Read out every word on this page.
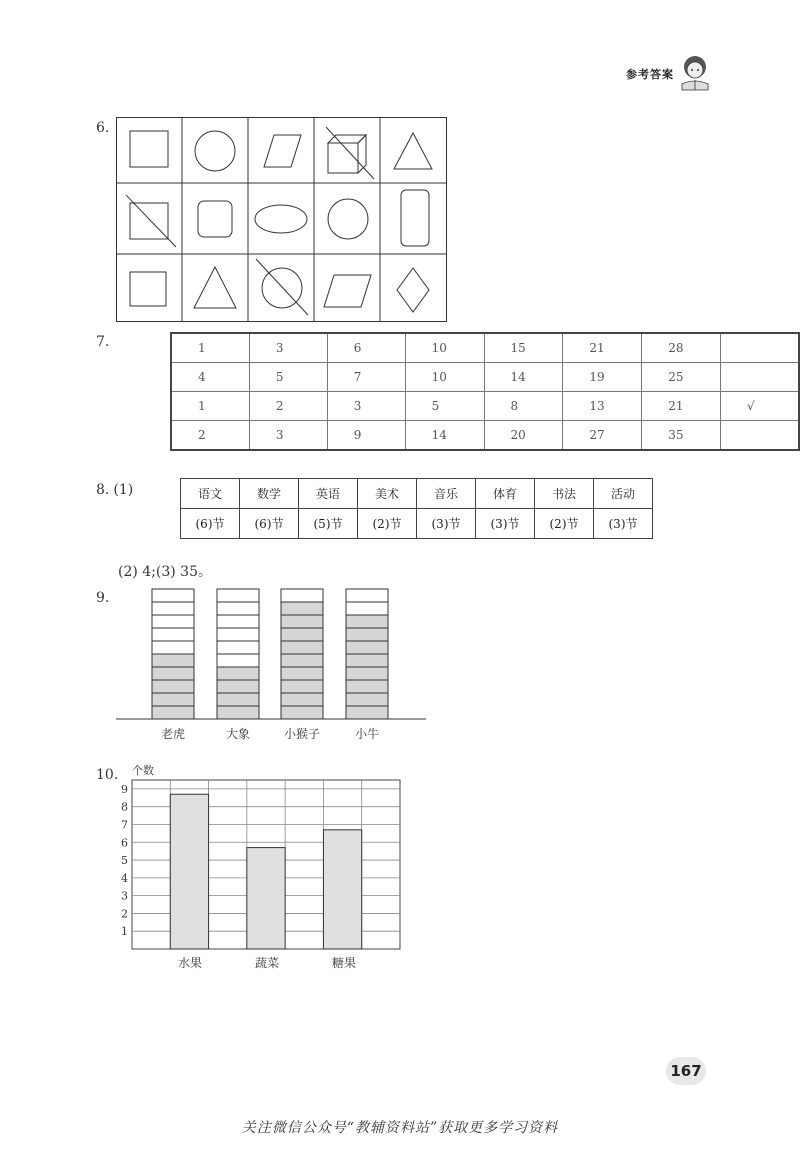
参考答案
6.
7.	1	3	6	10	15	21	28	
4	5	7	10	14	19	25	
1	2	3	5	8	13	21	√
2	3	9	14	20	27	35	
8. (1)	语文	数学	英语	美术	音乐	体育	书法	活动
(6)节	(6)节	(5)节	(2)节	(3)节	(3)节	(2)节	(3)节
(2) 4;(3) 35。
9.
老虎	大象	小猴子	小牛
10. 个数
1
2
3
4
5
6
7
8
9
水果	蔬菜	糖果
167
关注微信公众号“教辅资料站”获取更多学习资料
